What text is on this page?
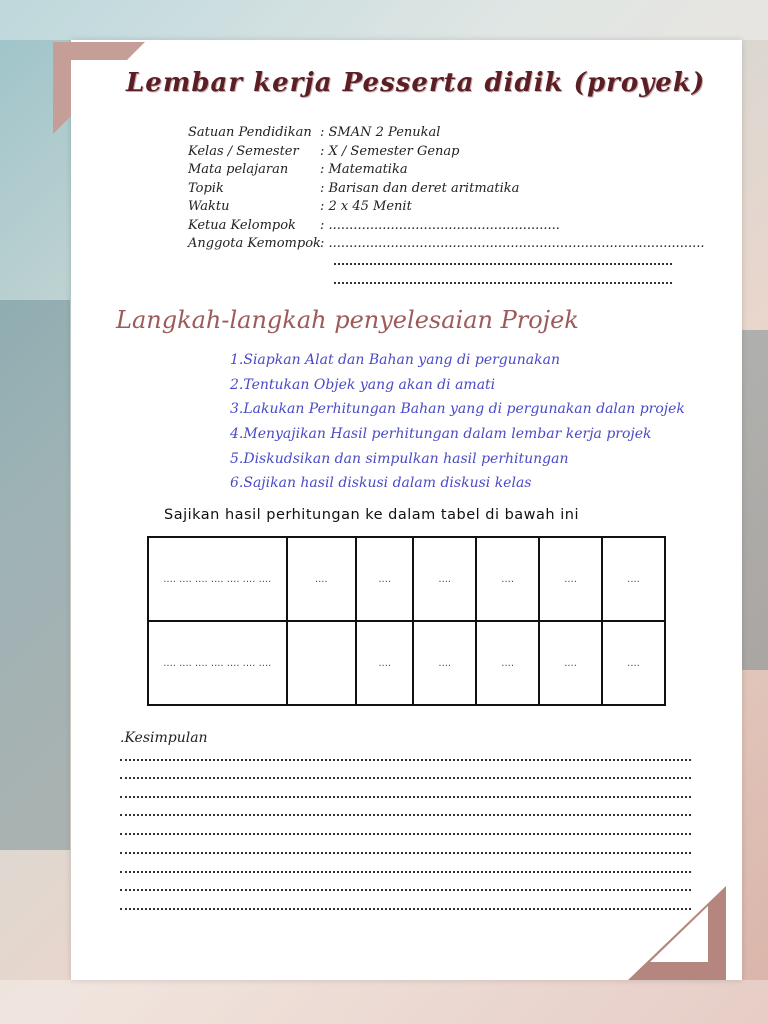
Lembar kerja Pesserta didik (proyek)
Satuan Pendidikan : SMAN 2 Penukal
Kelas / Semester	: X / Semester Genap
Mata pelajaran	: Matematika
Topik	: Barisan dan deret aritmatika
Waktu	: 2 x 45 Menit
Ketua Kelompok	: ........................................................
Anggota Kemompok : ...........................................................................................
Langkah-langkah penyelesaian Projek
1.Siapkan Alat dan Bahan yang di pergunakan
2.Tentukan Objek yang akan di amati
3.Lakukan Perhitungan Bahan yang di pergunakan dalan projek
4.Menyajikan Hasil perhitungan dalam lembar kerja projek
5.Diskudsikan dan simpulkan hasil perhitungan
6.Sajikan hasil diskusi dalam diskusi kelas
Sajikan hasil perhitungan ke dalam tabel di bawah ini
.... .... .... .... .... .... ....	....	....	....	....	....	....
.... .... .... .... .... .... ....		....	....	....	....	....
.Kesimpulan
